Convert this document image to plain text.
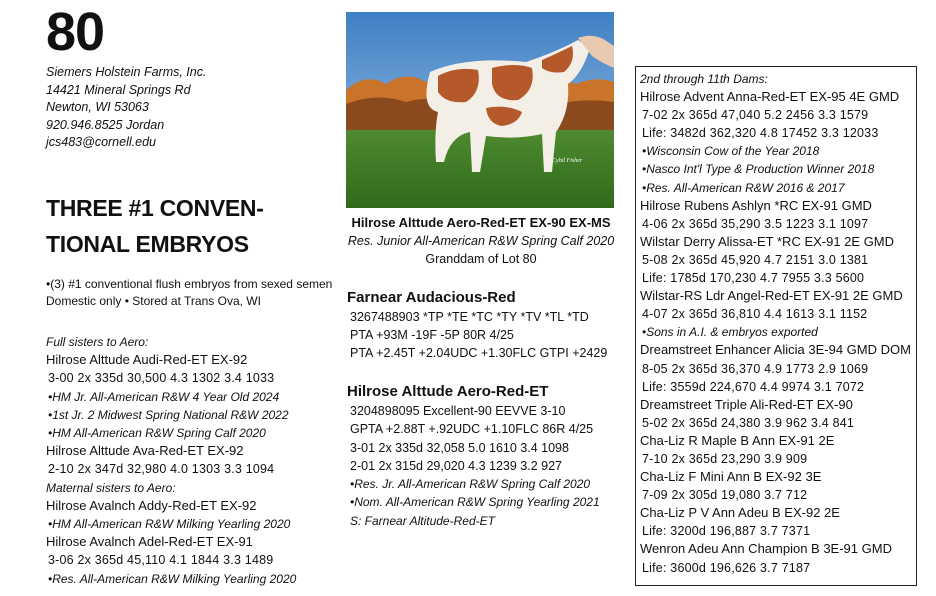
80
Siemers Holstein Farms, Inc.
14421 Mineral Springs Rd
Newton, WI 53063
920.946.8525 Jordan
jcs483@cornell.edu
THREE #1 CONVEN-
TIONAL EMBRYOS
•(3) #1 conventional flush embryos from sexed semen
Domestic only • Stored at Trans Ova, WI
Full sisters to Aero:
Hilrose Alttude Audi-Red-ET EX-92
3-00 2x 335d 30,500 4.3 1302 3.4 1033
•HM Jr. All-American R&W 4 Year Old 2024
•1st Jr. 2 Midwest Spring National R&W 2022
•HM All-American R&W Spring Calf 2020
Hilrose Alttude Ava-Red-ET EX-92
2-10 2x 347d 32,980 4.0 1303 3.3 1094
Maternal sisters to Aero:
Hilrose Avalnch Addy-Red-ET EX-92
•HM All-American R&W Milking Yearling 2020
Hilrose Avalnch Adel-Red-ET EX-91
3-06 2x 365d 45,110 4.1 1844 3.3 1489
•Res. All-American R&W Milking Yearling 2020
© Cybil Fisher
Hilrose Alttude Aero-Red-ET EX-90 EX-MS
Res. Junior All-American R&W Spring Calf 2020
Granddam of Lot 80
Farnear Audacious-Red
3267488903 *TP *TE *TC *TY *TV *TL *TD
PTA +93M -19F -5P 80R 4/25
PTA +2.45T +2.04UDC +1.30FLC GTPI +2429
Hilrose Alttude Aero-Red-ET
3204898095 Excellent-90 EEVVE 3-10
GPTA +2.88T +.92UDC +1.10FLC 86R 4/25
3-01 2x 335d 32,058 5.0 1610 3.4 1098
2-01 2x 315d 29,020 4.3 1239 3.2 927
•Res. Jr. All-American R&W Spring Calf 2020
•Nom. All-American R&W Spring Yearling 2021
S: Farnear Altitude-Red-ET
2nd through 11th Dams:
Hilrose Advent Anna-Red-ET EX-95 4E GMD
7-02 2x 365d 47,040 5.2 2456 3.3 1579
Life: 3482d 362,320 4.8 17452 3.3 12033
•Wisconsin Cow of the Year 2018
•Nasco Int'l Type & Production Winner 2018
•Res. All-American R&W 2016 & 2017
Hilrose Rubens Ashlyn *RC EX-91 GMD
4-06 2x 365d 35,290 3.5 1223 3.1 1097
Wilstar Derry Alissa-ET *RC EX-91 2E GMD
5-08 2x 365d 45,920 4.7 2151 3.0 1381
Life: 1785d 170,230 4.7 7955 3.3 5600
Wilstar-RS Ldr Angel-Red-ET EX-91 2E GMD
4-07 2x 365d 36,810 4.4 1613 3.1 1152
•Sons in A.I. & embryos exported
Dreamstreet Enhancer Alicia 3E-94 GMD DOM
8-05 2x 365d 36,370 4.9 1773 2.9 1069
Life: 3559d 224,670 4.4 9974 3.1 7072
Dreamstreet Triple Ali-Red-ET EX-90
5-02 2x 365d 24,380 3.9 962 3.4 841
Cha-Liz R Maple B Ann EX-91 2E
7-10 2x 365d 23,290 3.9 909
Cha-Liz F Mini Ann B EX-92 3E
7-09 2x 305d 19,080 3.7 712
Cha-Liz P V Ann Adeu B EX-92 2E
Life: 3200d 196,887 3.7 7371
Wenron Adeu Ann Champion B 3E-91 GMD
Life: 3600d 196,626 3.7 7187
